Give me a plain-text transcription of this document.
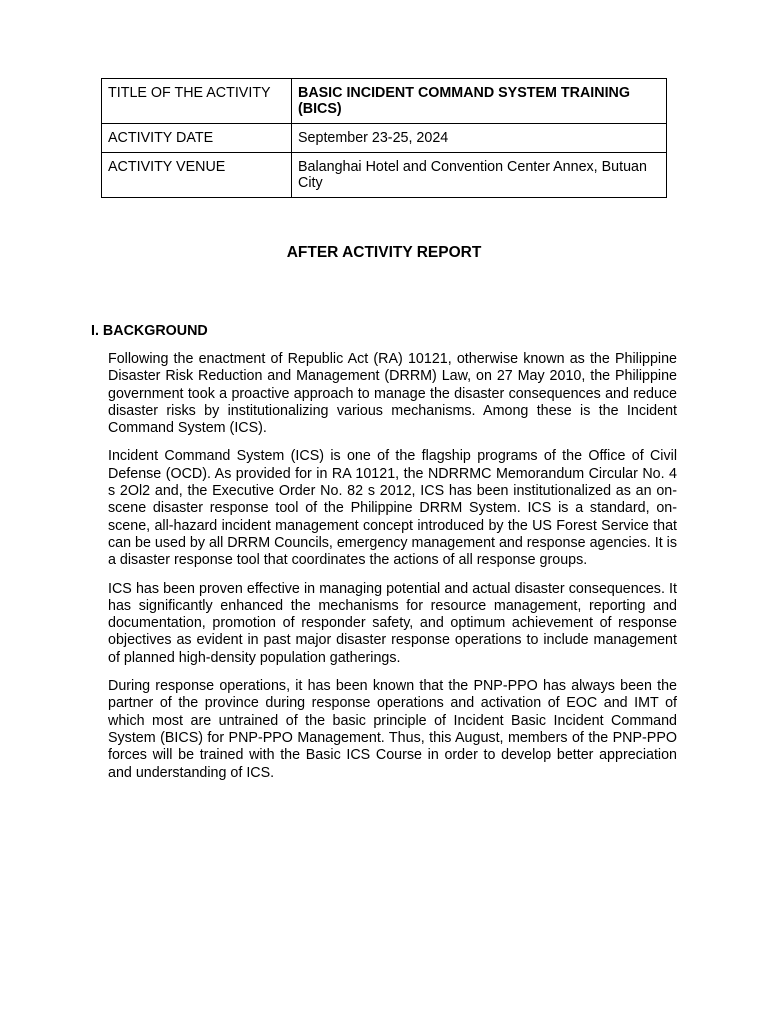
TITLE OF THE ACTIVITY	BASIC INCIDENT COMMAND SYSTEM TRAINING (BICS)
ACTIVITY DATE	September 23-25, 2024
ACTIVITY VENUE	Balanghai Hotel and Convention Center Annex, Butuan City
AFTER ACTIVITY REPORT
I. BACKGROUND

Following the enactment of Republic Act (RA) 10121, otherwise known as the Philippine Disaster Risk Reduction and Management (DRRM) Law, on 27 May 2010, the Philippine government took a proactive approach to manage the disaster consequences and reduce disaster risks by institutionalizing various mechanisms. Among these is the Incident Command System (ICS).

Incident Command System (ICS) is one of the flagship programs of the Office of Civil Defense (OCD). As provided for in RA 10121, the NDRRMC Memorandum Circular No. 4 s 2Ol2 and, the Executive Order No. 82 s 2012, ICS has been institutionalized as an on-scene disaster response tool of the Philippine DRRM System. ICS is a standard, on-scene, all-hazard incident management concept introduced by the US Forest Service that can be used by all DRRM Councils, emergency management and response agencies. It is a disaster response tool that coordinates the actions of all response groups.

ICS has been proven effective in managing potential and actual disaster consequences. It has significantly enhanced the mechanisms for resource management, reporting and documentation, promotion of responder safety, and optimum achievement of response objectives as evident in past major disaster response operations to include management of planned high-density population gatherings.

During response operations, it has been known that the PNP-PPO has always been the partner of the province during response operations and activation of EOC and IMT of which most are untrained of the basic principle of Incident Basic Incident Command System (BICS) for PNP-PPO Management. Thus, this August, members of the PNP-PPO forces will be trained with the Basic ICS Course in order to develop better appreciation and understanding of ICS.
